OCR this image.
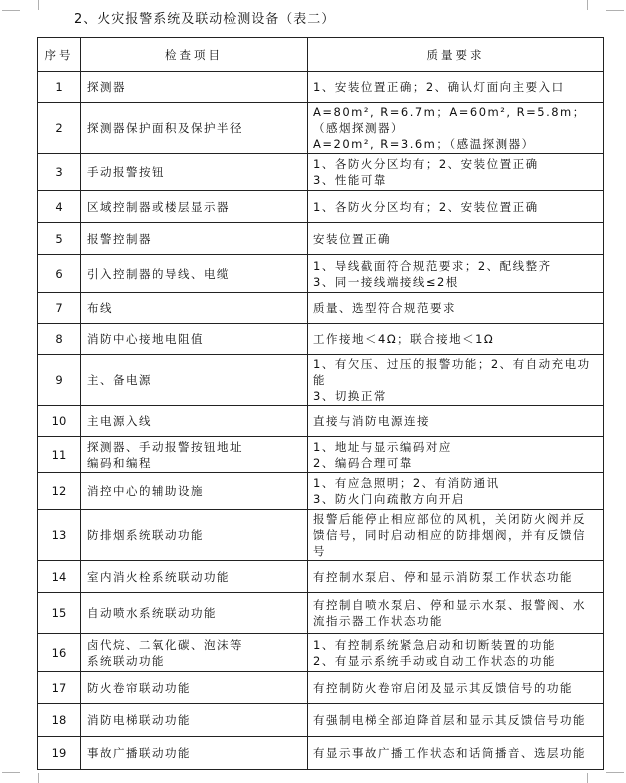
2、火灾报警系统及联动检测设备（表二）
序号	检查项目	质量要求
1	探测器	1、安装位置正确；2、确认灯面向主要入口

2	探测器保护面积及保护半径	A=80m², R=6.7m；A=60m², R=5.8m；（感烟探测器）
A=20m², R=3.6m；（感温探测器）

3	手动报警按钮	1、各防火分区均有；2、安装位置正确
3、性能可靠

4	区域控制器或楼层显示器	1、各防火分区均有；2、安装位置正确

5	报警控制器	安装位置正确

6	引入控制器的导线、电缆	1、导线截面符合规范要求；2、配线整齐
3、同一接线端接线≤2根

7	布线	质量、选型符合规范要求

8	消防中心接地电阻值	工作接地＜4Ω；联合接地＜1Ω

9	主、备电源	1、有欠压、过压的报警功能；2、有自动充电功能
3、切换正常

10	主电源入线	直接与消防电源连接

11	探测器、手动报警按钮地址
编码和编程	1、地址与显示编码对应
2、编码合理可靠

12	消控中心的辅助设施	1、有应急照明；2、有消防通讯
3、防火门向疏散方向开启

13	防排烟系统联动功能	报警后能停止相应部位的风机，关闭防火阀并反馈信号，同时启动相应的防排烟阀，并有反馈信号

14	室内消火栓系统联动功能	有控制水泵启、停和显示消防泵工作状态功能

15	自动喷水系统联动功能	有控制自喷水泵启、停和显示水泵、报警阀、水流指示器工作状态功能

16	卤代烷、二氧化碳、泡沫等
系统联动功能	1、有控制系统紧急启动和切断装置的功能
2、有显示系统手动或自动工作状态的功能

17	防火卷帘联动功能	有控制防火卷帘启闭及显示其反馈信号的功能

18	消防电梯联动功能	有强制电梯全部迫降首层和显示其反馈信号功能

19	事故广播联动功能	有显示事故广播工作状态和话筒播音、选层功能
